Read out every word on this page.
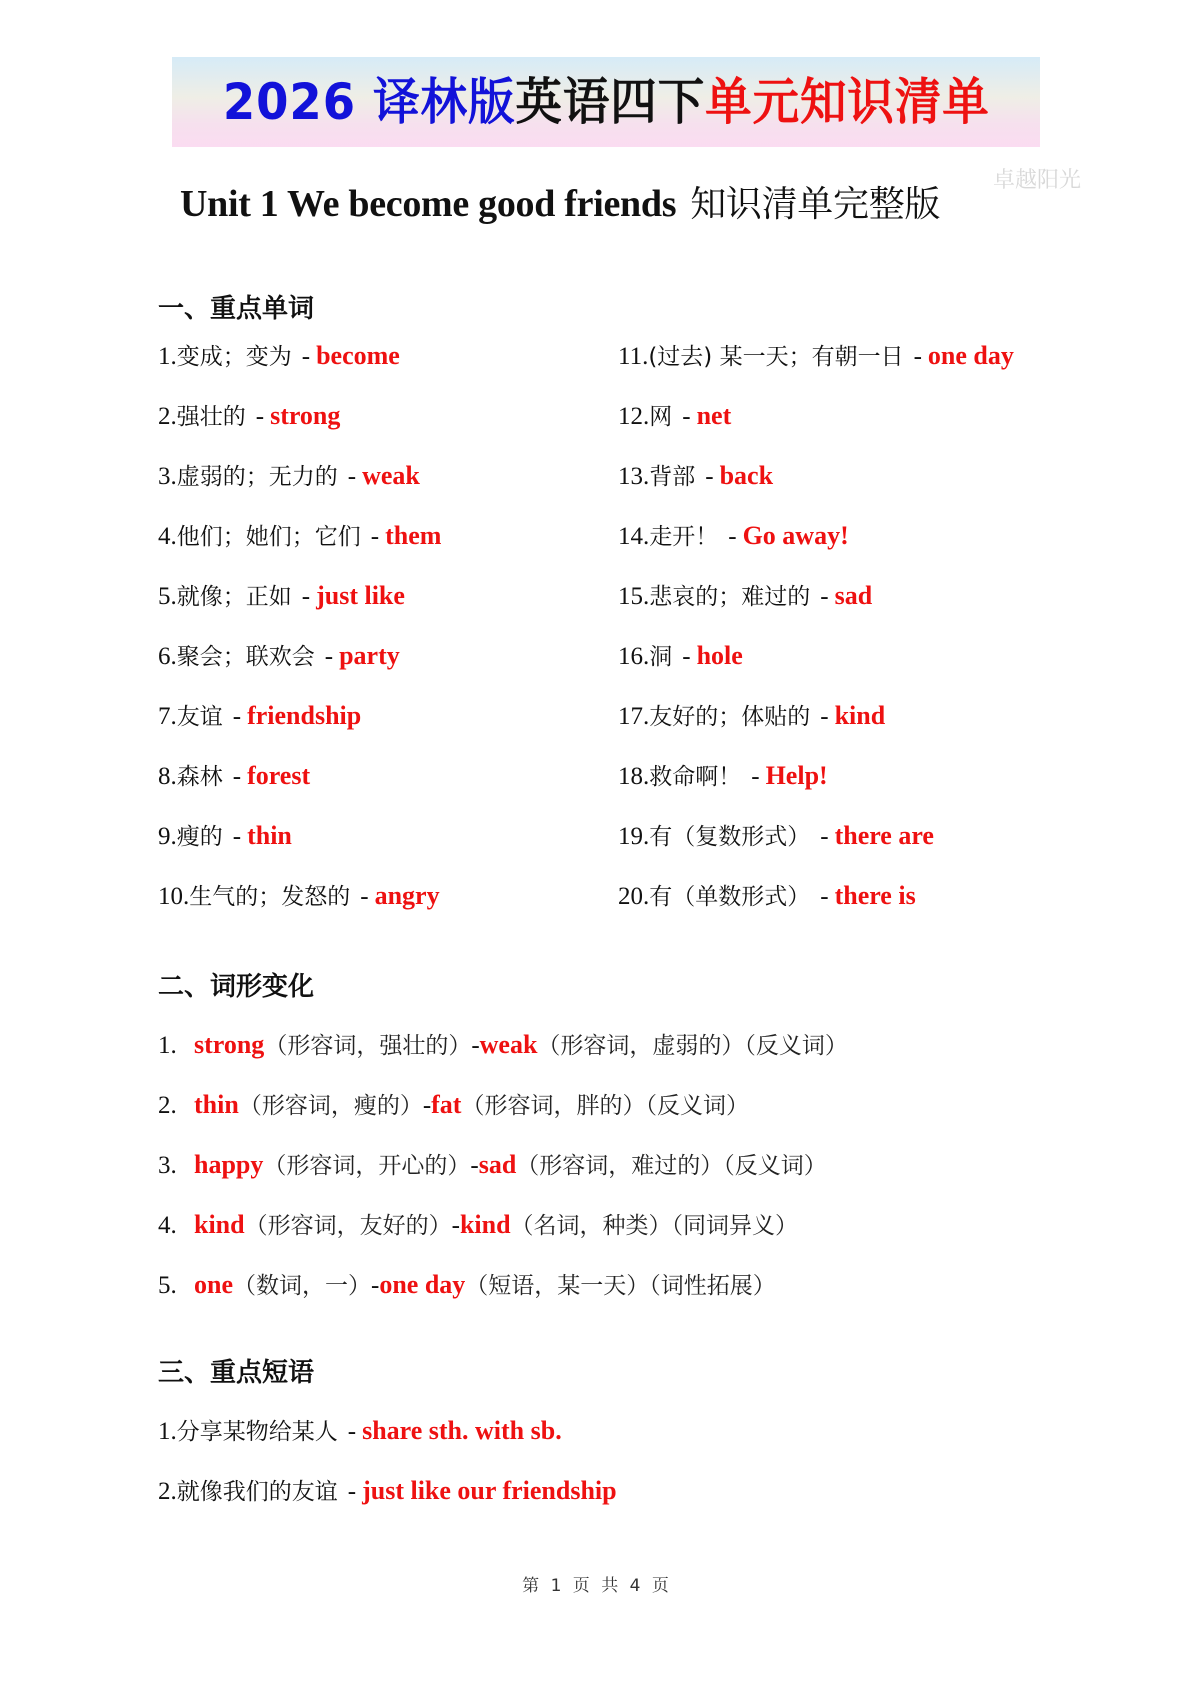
2026 译林版英语四下单元知识清单
Unit 1 We become good friends 知识清单完整版
卓越阳光
一、重点单词
1.变成；变为 - become
2.强壮的 - strong
3.虚弱的；无力的 - weak
4.他们；她们；它们 - them
5.就像；正如 - just like
6.聚会；联欢会 - party
7.友谊 - friendship
8.森林 - forest
9.瘦的 - thin
10.生气的；发怒的 - angry
11.(过去) 某一天；有朝一日 - one day
12.网 - net
13.背部 - back
14.走开！ - Go away!
15.悲哀的；难过的 - sad
16.洞 - hole
17.友好的；体贴的 - kind
18.救命啊！ - Help!
19.有（复数形式） - there are
20.有（单数形式） - there is
二、词形变化
1. strong（形容词，强壮的）-weak（形容词，虚弱的）（反义词）
2. thin（形容词，瘦的）-fat（形容词，胖的）（反义词）
3. happy（形容词，开心的）-sad（形容词，难过的）（反义词）
4. kind（形容词，友好的）-kind（名词，种类）（同词异义）
5. one（数词，一）-one day（短语，某一天）（词性拓展）
三、重点短语
1.分享某物给某人 - share sth. with sb.
2.就像我们的友谊 - just like our friendship
第 1 页 共 4 页
